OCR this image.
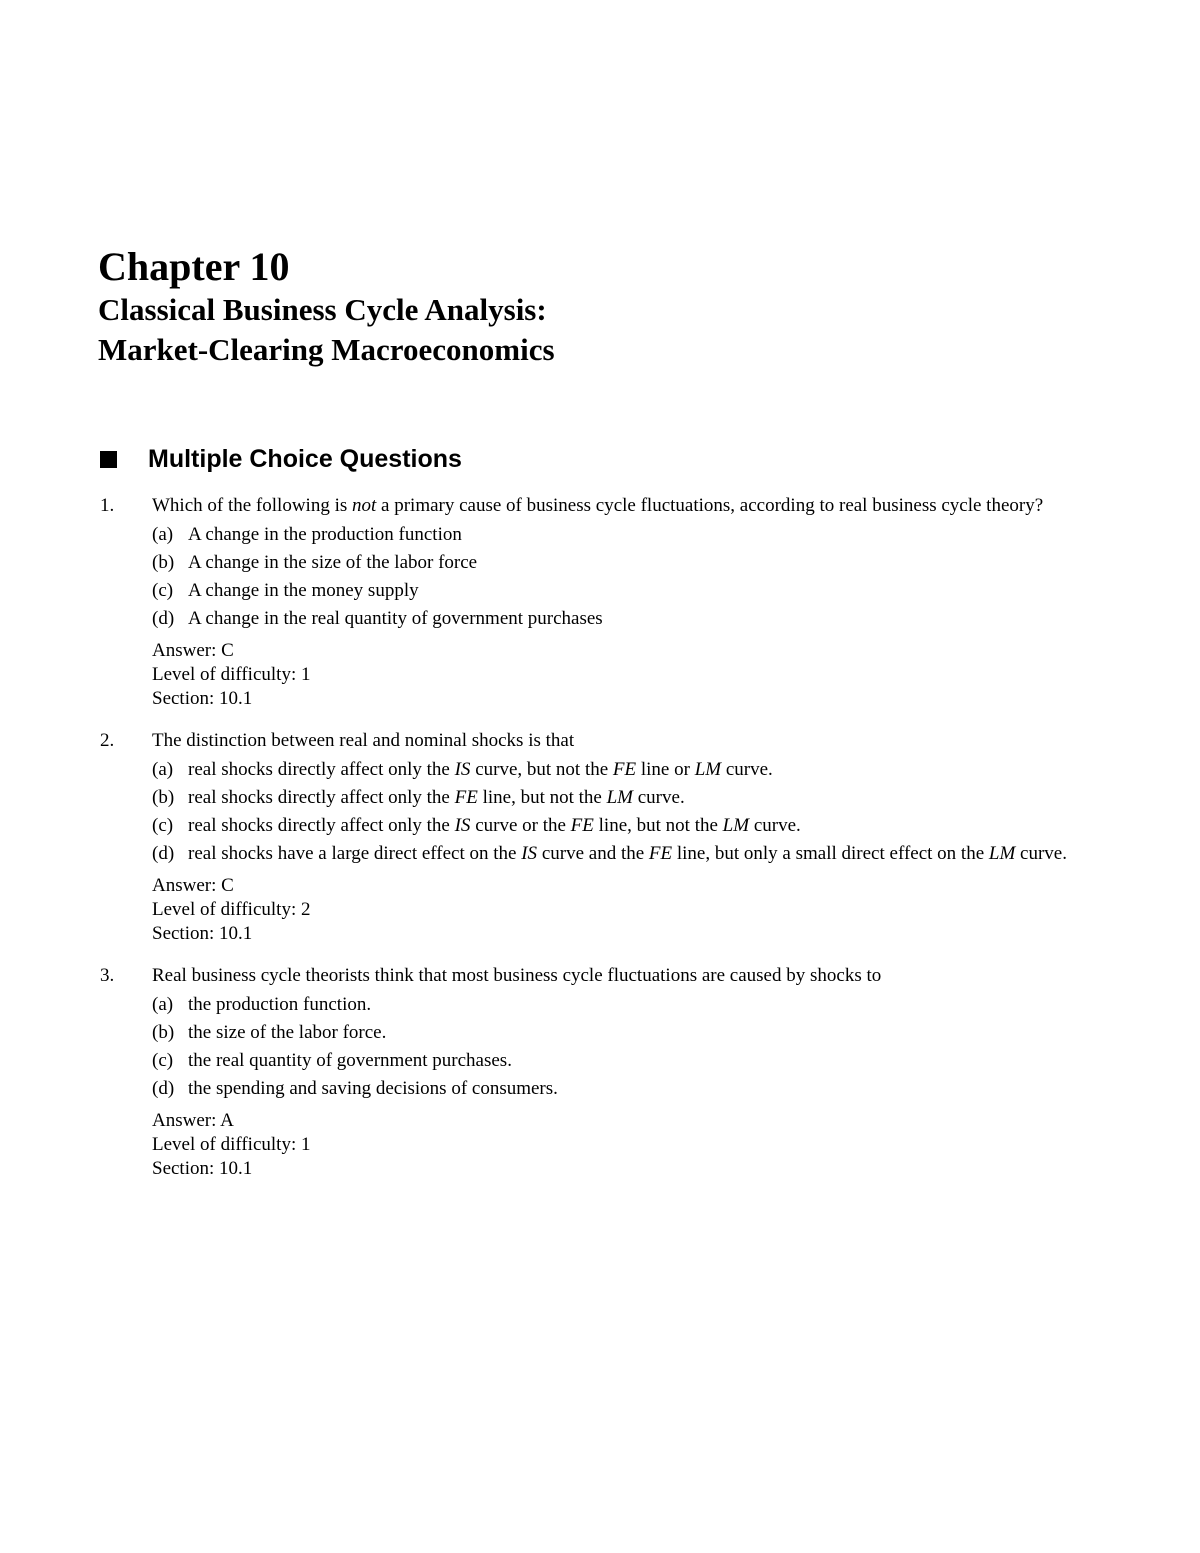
Chapter 10
Classical Business Cycle Analysis:
Market-Clearing Macroeconomics
Multiple Choice Questions
1. Which of the following is not a primary cause of business cycle fluctuations, according to real business cycle theory?

(a) A change in the production function
(b) A change in the size of the labor force
(c) A change in the money supply
(d) A change in the real quantity of government purchases
Answer: C
Level of difficulty: 1
Section: 10.1
2. The distinction between real and nominal shocks is that

(a) real shocks directly affect only the IS curve, but not the FE line or LM curve.
(b) real shocks directly affect only the FE line, but not the LM curve.
(c) real shocks directly affect only the IS curve or the FE line, but not the LM curve.
(d) real shocks have a large direct effect on the IS curve and the FE line, but only a small direct effect on the LM curve.
Answer: C
Level of difficulty: 2
Section: 10.1
3. Real business cycle theorists think that most business cycle fluctuations are caused by shocks to

(a) the production function.
(b) the size of the labor force.
(c) the real quantity of government purchases.
(d) the spending and saving decisions of consumers.
Answer: A
Level of difficulty: 1
Section: 10.1
